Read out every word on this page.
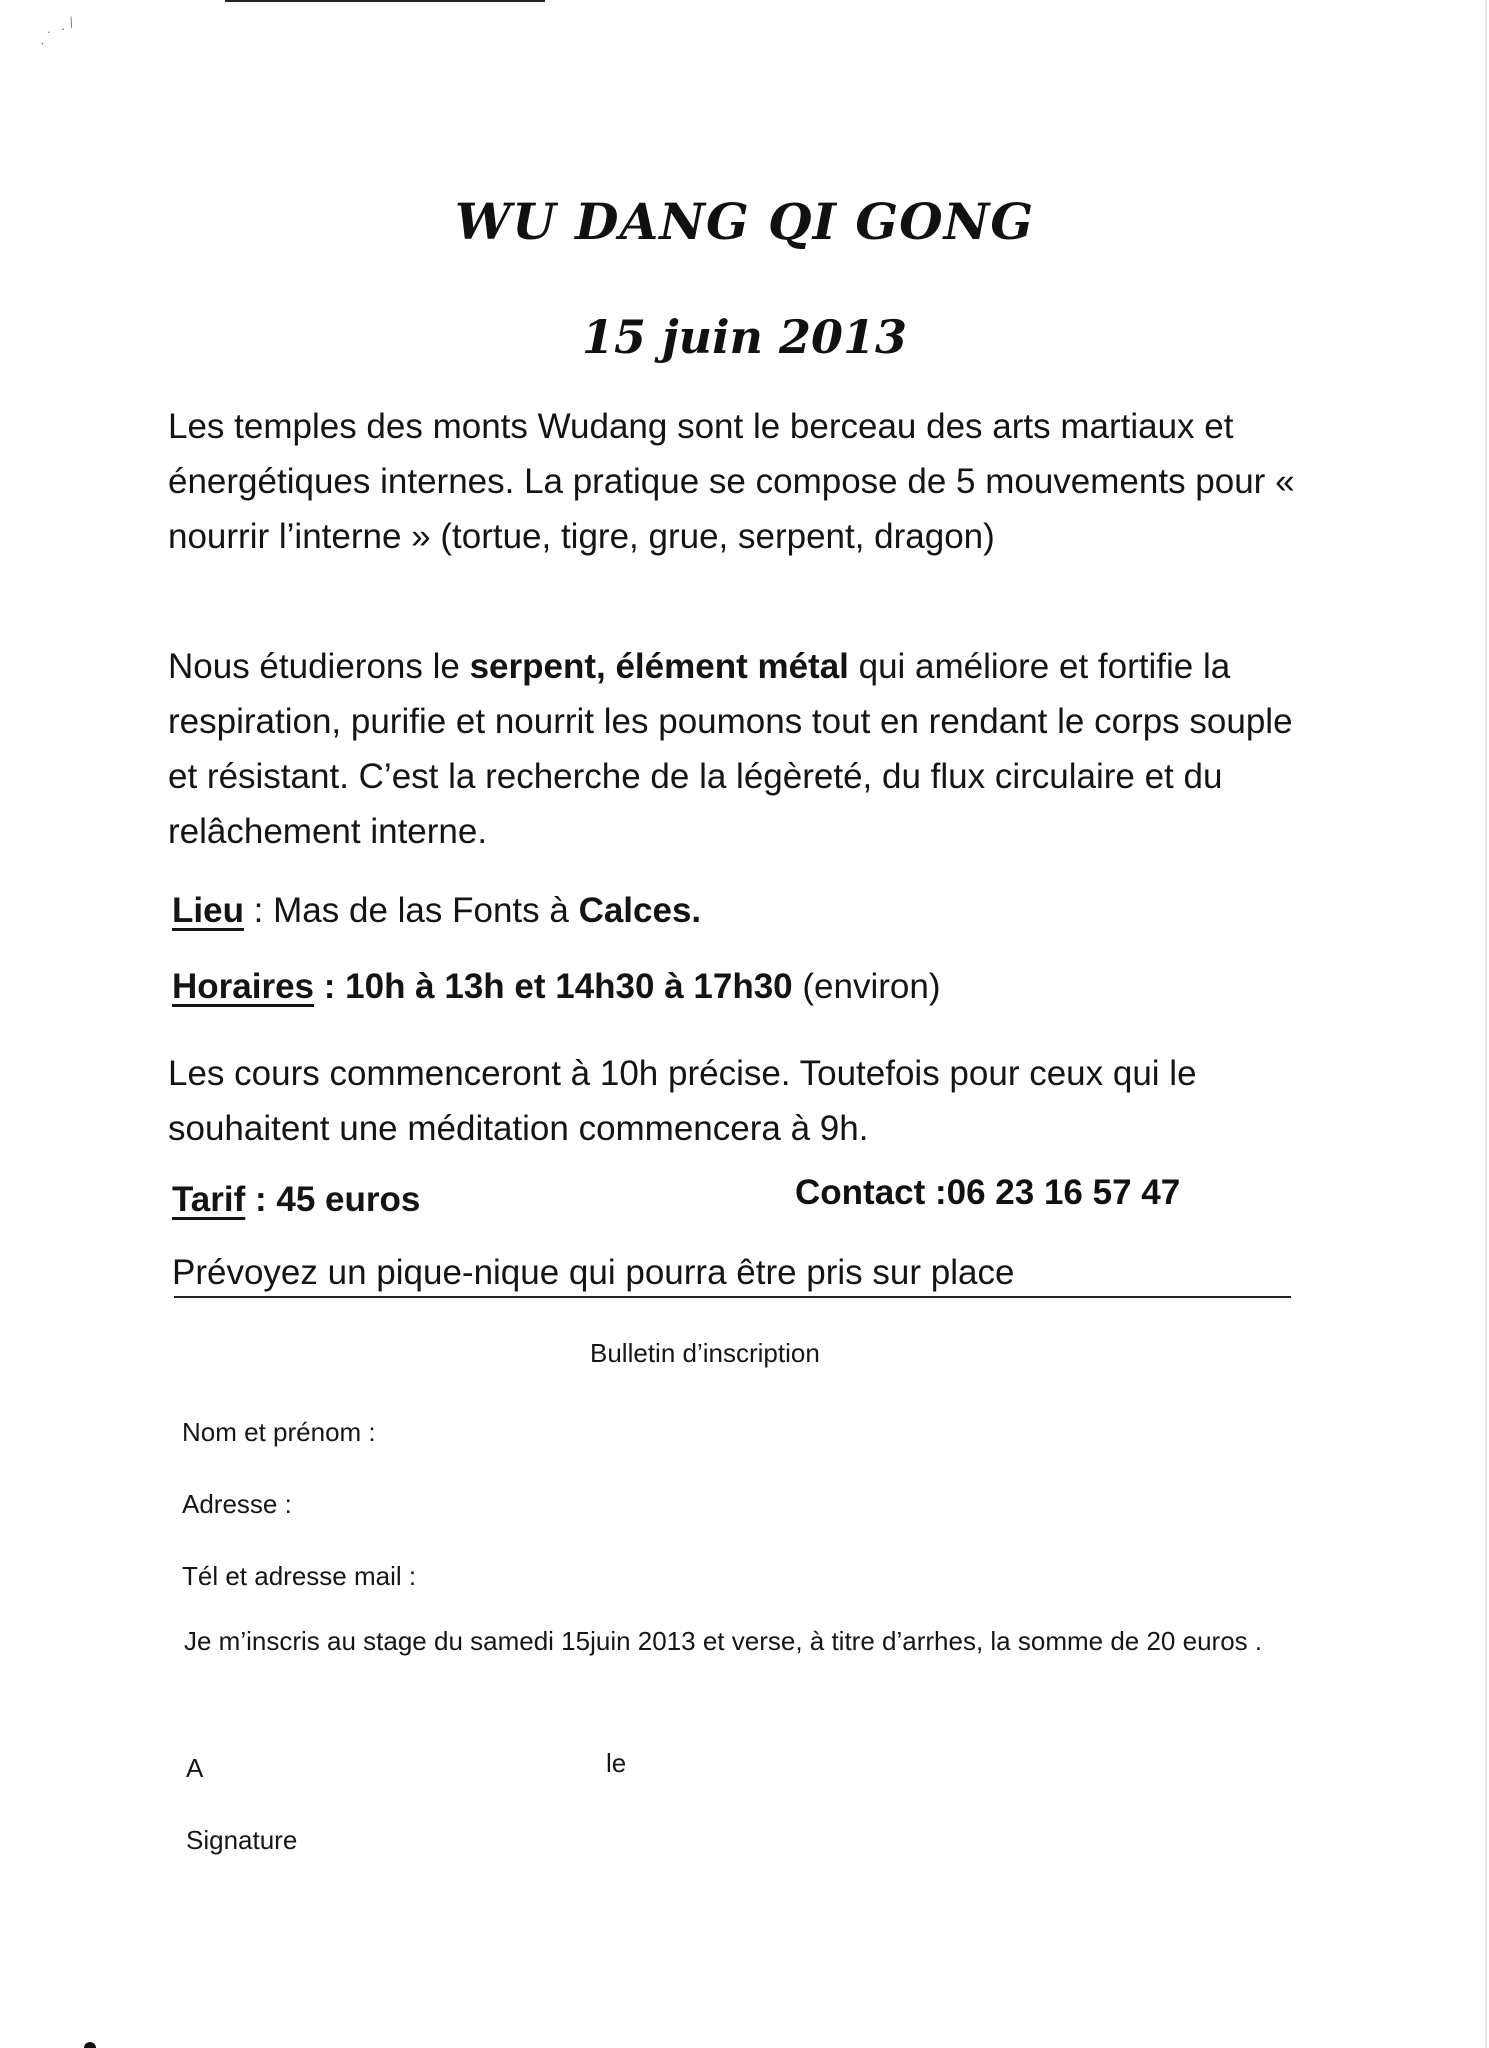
· ˙ · ⁄
WU DANG QI GONG
15 juin 2013

Les temples des monts Wudang sont le berceau des arts martiaux et énergétiques internes. La pratique se compose de 5 mouvements pour « nourrir l’interne » (tortue, tigre, grue, serpent, dragon)

Nous étudierons le serpent, élément métal qui améliore et fortifie la respiration, purifie et nourrit les poumons tout en rendant le corps souple et résistant. C’est la recherche de la légèreté, du flux circulaire et du relâchement interne.

Lieu : Mas de las Fonts à Calces.
Horaires : 10h à 13h et 14h30 à 17h30 (environ)

Les cours commenceront à 10h précise. Toutefois pour ceux qui le souhaitent une méditation commencera à 9h.

Tarif : 45 euros	Contact :06 23 16 57 47
Prévoyez un pique-nique qui pourra être pris sur place
Bulletin d’inscription
Nom et prénom :
Adresse :
Tél et adresse mail :
Je m’inscris au stage du samedi 15juin 2013 et verse, à titre d’arrhes, la somme de 20 euros .
A	le
Signature
